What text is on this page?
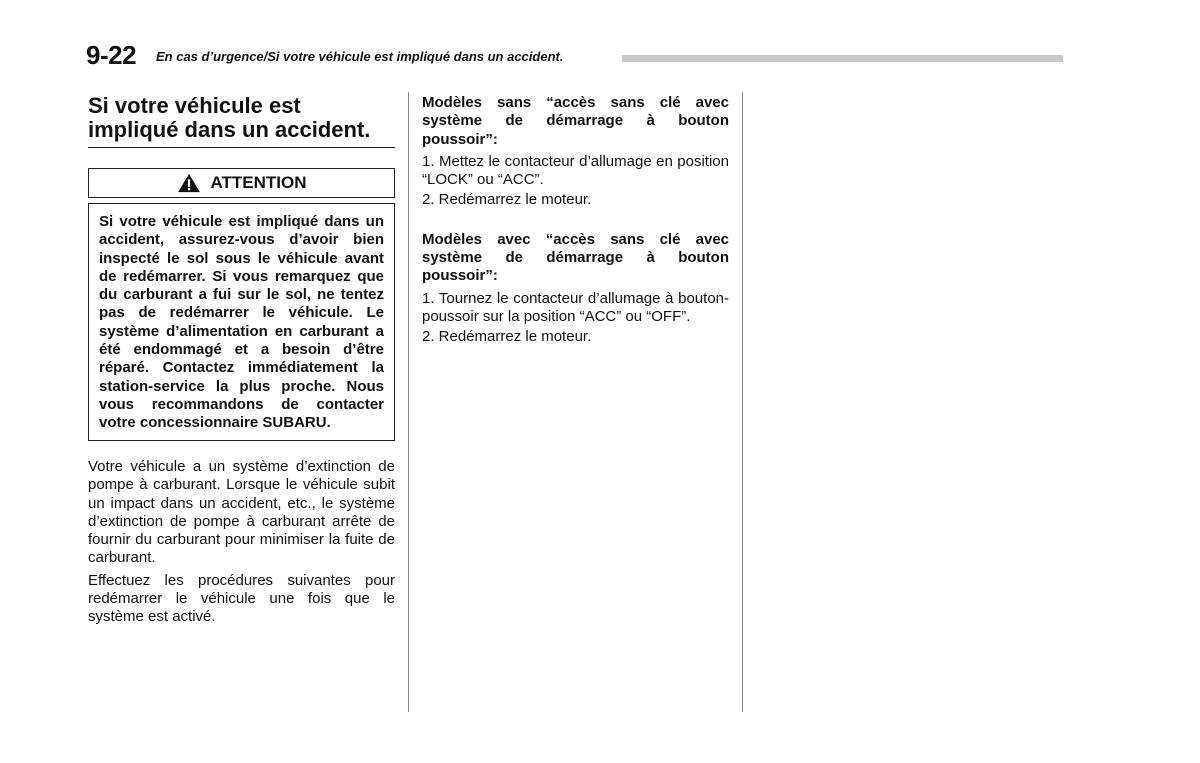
9-22 En cas d’urgence/Si votre véhicule est impliqué dans un accident.
Si votre véhicule est impliqué dans un accident.
ATTENTION
Si votre véhicule est impliqué dans un accident, assurez-vous d’avoir bien inspecté le sol sous le véhicule avant de redémarrer. Si vous remarquez que du carburant a fui sur le sol, ne tentez pas de redémarrer le véhicule. Le système d’alimentation en carburant a été endommagé et a besoin d’être réparé. Contactez immédiatement la station-service la plus proche. Nous vous recommandons de contacter votre concessionnaire SUBARU.

Votre véhicule a un système d’extinction de pompe à carburant. Lorsque le véhicule subit un impact dans un accident, etc., le système d’extinction de pompe à carburant arrête de fournir du carburant pour minimiser la fuite de carburant.

Effectuez les procédures suivantes pour redémarrer le véhicule une fois que le système est activé.

Modèles sans “accès sans clé avec système de démarrage à bouton poussoir”:

1. Mettez le contacteur d’allumage en position “LOCK” ou “ACC”.

2. Redémarrez le moteur.

Modèles avec “accès sans clé avec système de démarrage à bouton poussoir”:

1. Tournez le contacteur d’allumage à bouton-poussoir sur la position “ACC” ou “OFF”.

2. Redémarrez le moteur.
